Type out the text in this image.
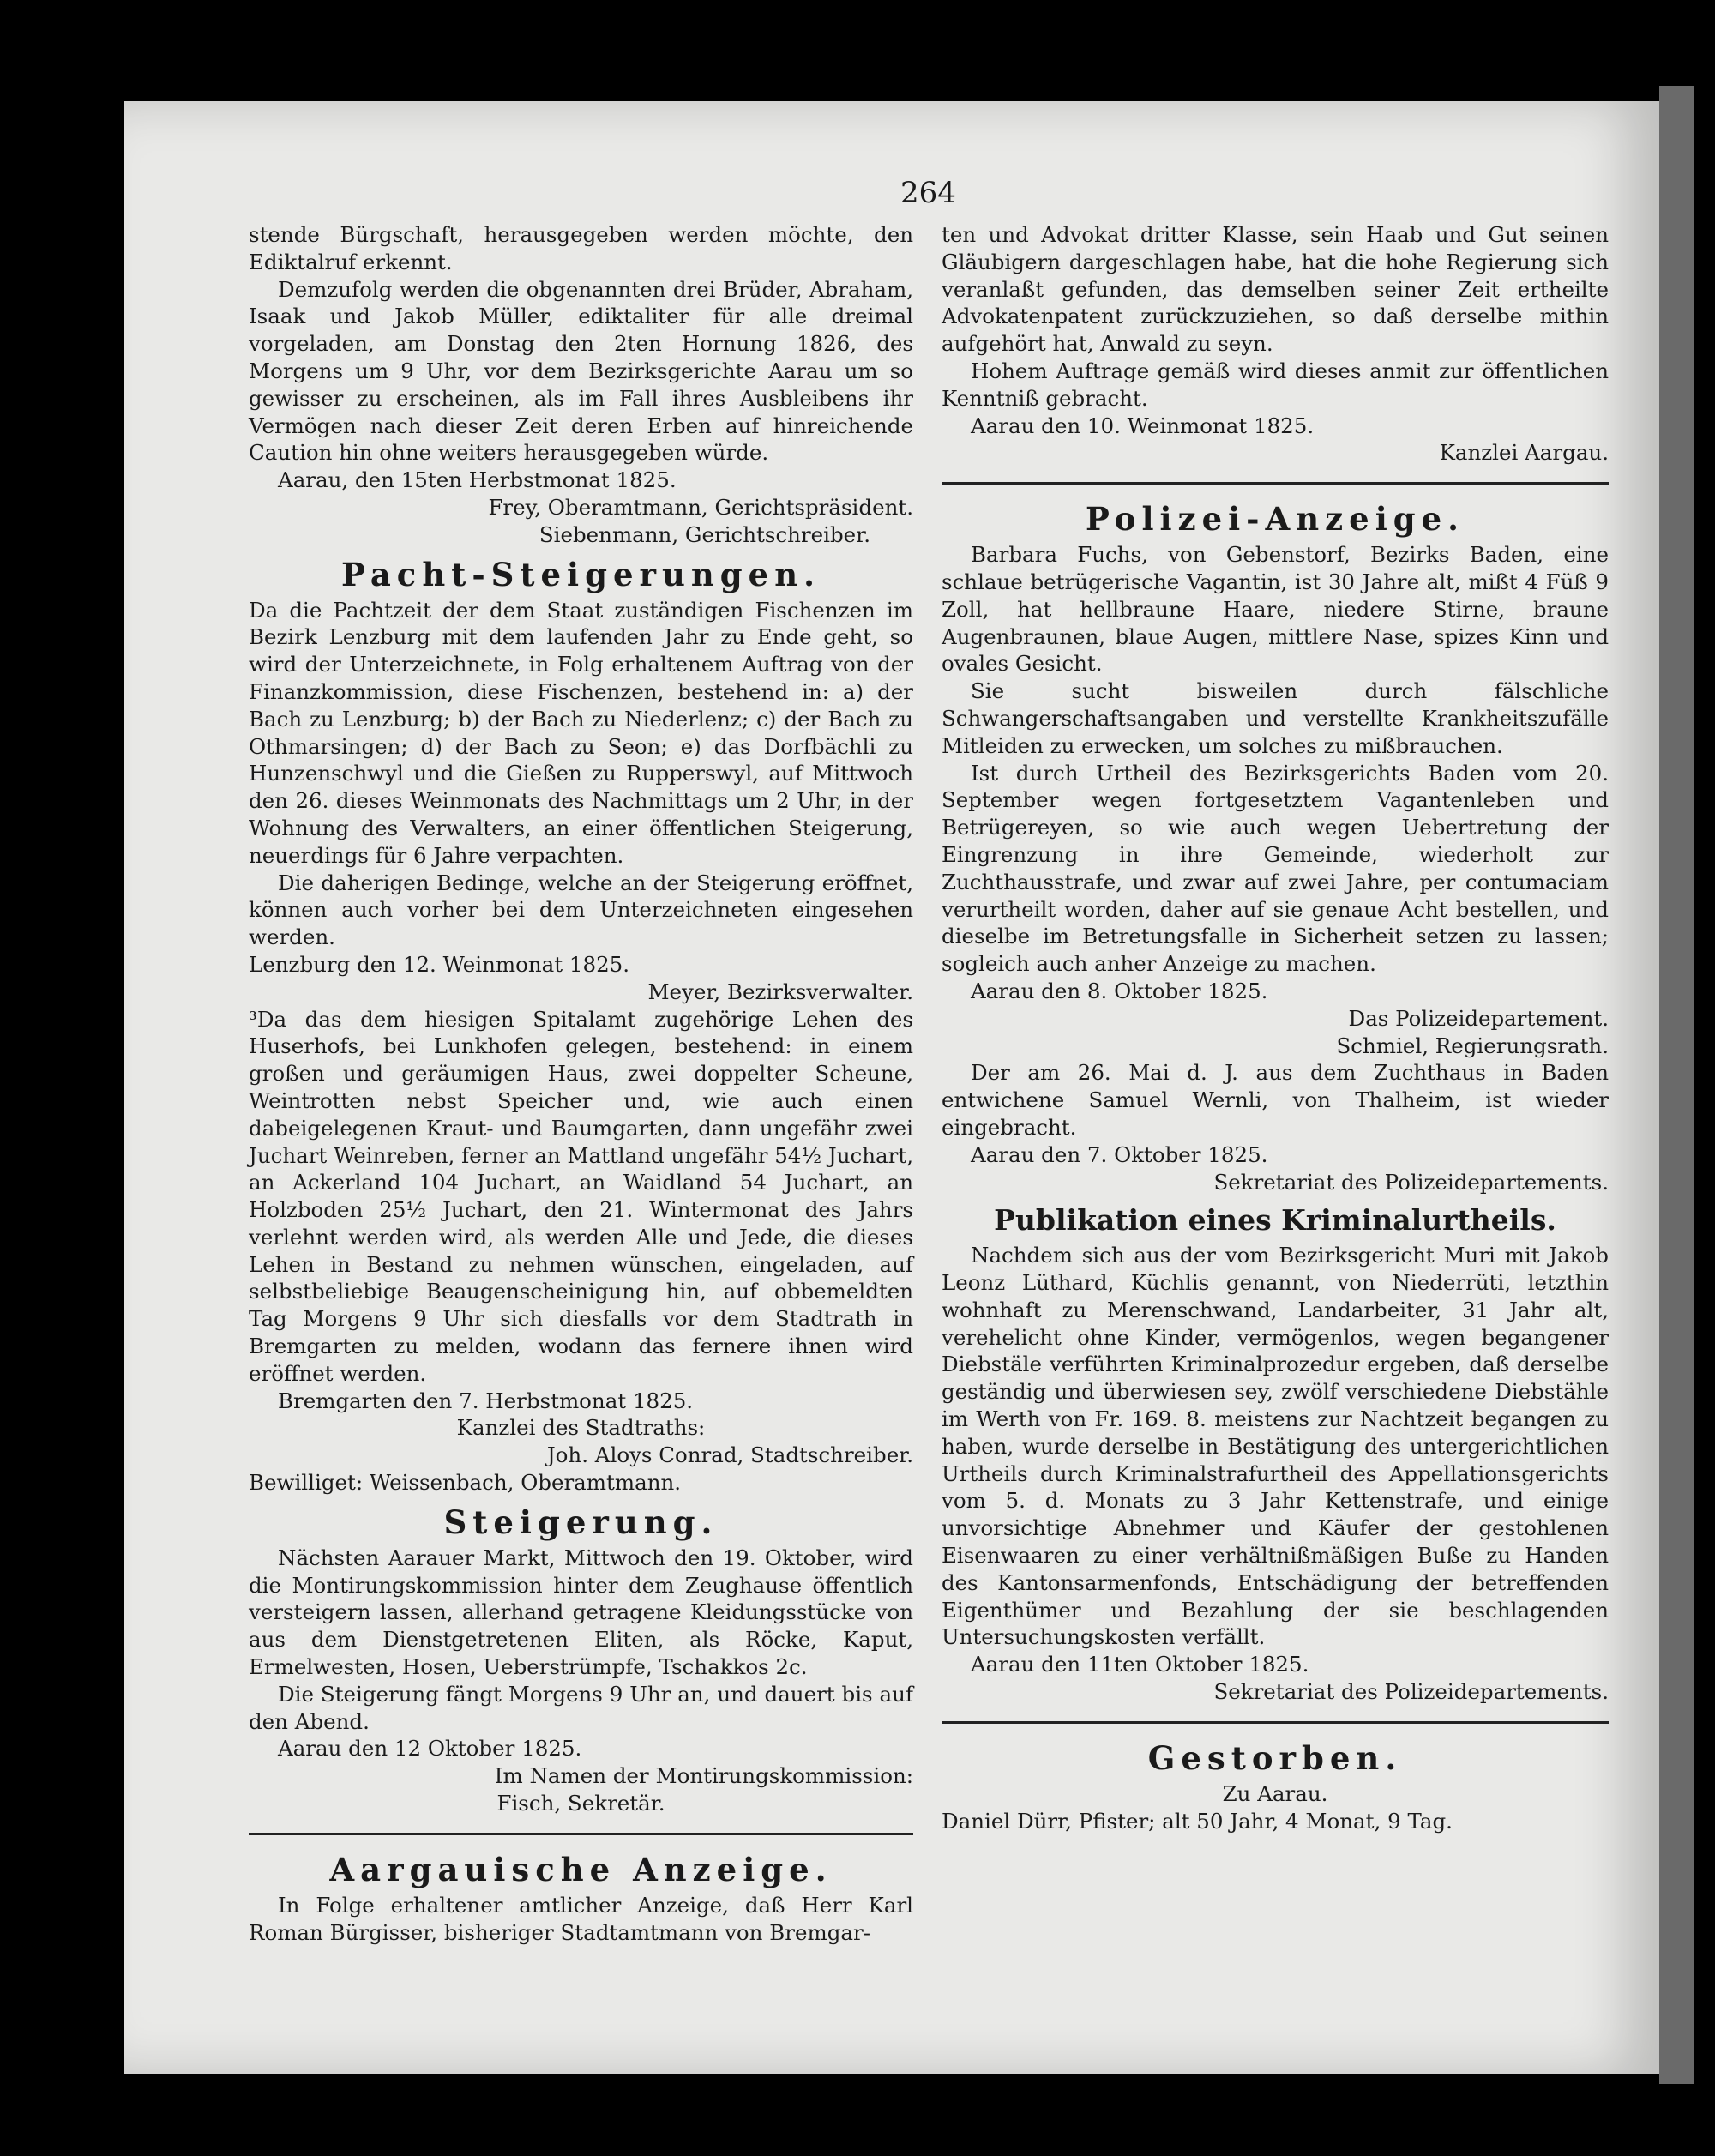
264

stende Bürgschaft, herausgegeben werden möchte, den Ediktalruf erkennt.

Demzufolg werden die obgenannten drei Brüder, Abraham, Isaak und Jakob Müller, ediktaliter für alle dreimal vorgeladen, am Donstag den 2ten Hornung 1826, des Morgens um 9 Uhr, vor dem Bezirksgerichte Aarau um so gewisser zu erscheinen, als im Fall ihres Ausbleibens ihr Vermögen nach dieser Zeit deren Erben auf hinreichende Caution hin ohne weiters herausgegeben würde.

Aarau, den 15ten Herbstmonat 1825.

Frey, Oberamtmann, Gerichtspräsident.

Siebenmann, Gerichtschreiber.

Pacht-Steigerungen.

Da die Pachtzeit der dem Staat zuständigen Fischenzen im Bezirk Lenzburg mit dem laufenden Jahr zu Ende geht, so wird der Unterzeichnete, in Folg erhaltenem Auftrag von der Finanzkommission, diese Fischenzen, bestehend in: a) der Bach zu Lenzburg; b) der Bach zu Niederlenz; c) der Bach zu Othmarsingen; d) der Bach zu Seon; e) das Dorfbächli zu Hunzenschwyl und die Gießen zu Rupperswyl, auf Mittwoch den 26. dieses Weinmonats des Nachmittags um 2 Uhr, in der Wohnung des Verwalters, an einer öffentlichen Steigerung, neuerdings für 6 Jahre verpachten.

Die daherigen Bedinge, welche an der Steigerung eröffnet, können auch vorher bei dem Unterzeichneten eingesehen werden.

Lenzburg den 12. Weinmonat 1825.

Meyer, Bezirksverwalter.

³Da das dem hiesigen Spitalamt zugehörige Lehen des Huserhofs, bei Lunkhofen gelegen, bestehend: in einem großen und geräumigen Haus, zwei doppelter Scheune, Weintrotten nebst Speicher und, wie auch einen dabeigelegenen Kraut- und Baumgarten, dann ungefähr zwei Juchart Weinreben, ferner an Mattland ungefähr 54½ Juchart, an Ackerland 104 Juchart, an Waidland 54 Juchart, an Holzboden 25½ Juchart, den 21. Wintermonat des Jahrs verlehnt werden wird, als werden Alle und Jede, die dieses Lehen in Bestand zu nehmen wünschen, eingeladen, auf selbstbeliebige Beaugenscheinigung hin, auf obbemeldten Tag Morgens 9 Uhr sich diesfalls vor dem Stadtrath in Bremgarten zu melden, wodann das fernere ihnen wird eröffnet werden.

Bremgarten den 7. Herbstmonat 1825.

Kanzlei des Stadtraths:

Joh. Aloys Conrad, Stadtschreiber.

Bewilliget: Weissenbach, Oberamtmann.

Steigerung.

Nächsten Aarauer Markt, Mittwoch den 19. Oktober, wird die Montirungskommission hinter dem Zeughause öffentlich versteigern lassen, allerhand getragene Kleidungsstücke von aus dem Dienstgetretenen Eliten, als Röcke, Kaput, Ermelwesten, Hosen, Ueberstrümpfe, Tschakkos 2c.

Die Steigerung fängt Morgens 9 Uhr an, und dauert bis auf den Abend.

Aarau den 12 Oktober 1825.

Im Namen der Montirungskommission:

Fisch, Sekretär.

Aargauische Anzeige.

In Folge erhaltener amtlicher Anzeige, daß Herr Karl Roman Bürgisser, bisheriger Stadtamtmann von Bremgar-

ten und Advokat dritter Klasse, sein Haab und Gut seinen Gläubigern dargeschlagen habe, hat die hohe Regierung sich veranlaßt gefunden, das demselben seiner Zeit ertheilte Advokatenpatent zurückzuziehen, so daß derselbe mithin aufgehört hat, Anwald zu seyn.

Hohem Auftrage gemäß wird dieses anmit zur öffentlichen Kenntniß gebracht.

Aarau den 10. Weinmonat 1825.

Kanzlei Aargau.

Polizei-Anzeige.

Barbara Fuchs, von Gebenstorf, Bezirks Baden, eine schlaue betrügerische Vagantin, ist 30 Jahre alt, mißt 4 Füß 9 Zoll, hat hellbraune Haare, niedere Stirne, braune Augenbraunen, blaue Augen, mittlere Nase, spizes Kinn und ovales Gesicht.

Sie sucht bisweilen durch fälschliche Schwangerschaftsangaben und verstellte Krankheitszufälle Mitleiden zu erwecken, um solches zu mißbrauchen.

Ist durch Urtheil des Bezirksgerichts Baden vom 20. September wegen fortgesetztem Vagantenleben und Betrügereyen, so wie auch wegen Uebertretung der Eingrenzung in ihre Gemeinde, wiederholt zur Zuchthausstrafe, und zwar auf zwei Jahre, per contumaciam verurtheilt worden, daher auf sie genaue Acht bestellen, und dieselbe im Betretungsfalle in Sicherheit setzen zu lassen; sogleich auch anher Anzeige zu machen.

Aarau den 8. Oktober 1825.

Das Polizeidepartement.

Schmiel, Regierungsrath.

Der am 26. Mai d. J. aus dem Zuchthaus in Baden entwichene Samuel Wernli, von Thalheim, ist wieder eingebracht.

Aarau den 7. Oktober 1825.

Sekretariat des Polizeidepartements.

Publikation eines Kriminalurtheils.

Nachdem sich aus der vom Bezirksgericht Muri mit Jakob Leonz Lüthard, Küchlis genannt, von Niederrüti, letzthin wohnhaft zu Merenschwand, Landarbeiter, 31 Jahr alt, verehelicht ohne Kinder, vermögenlos, wegen begangener Diebstäle verführten Kriminalprozedur ergeben, daß derselbe geständig und überwiesen sey, zwölf verschiedene Diebstähle im Werth von Fr. 169. 8. meistens zur Nachtzeit begangen zu haben, wurde derselbe in Bestätigung des untergerichtlichen Urtheils durch Kriminalstrafurtheil des Appellationsgerichts vom 5. d. Monats zu 3 Jahr Kettenstrafe, und einige unvorsichtige Abnehmer und Käufer der gestohlenen Eisenwaaren zu einer verhältnißmäßigen Buße zu Handen des Kantonsarmenfonds, Entschädigung der betreffenden Eigenthümer und Bezahlung der sie beschlagenden Untersuchungskosten verfällt.

Aarau den 11ten Oktober 1825.

Sekretariat des Polizeidepartements.

Gestorben.

Zu Aarau.

Daniel Dürr, Pfister; alt 50 Jahr, 4 Monat, 9 Tag.
